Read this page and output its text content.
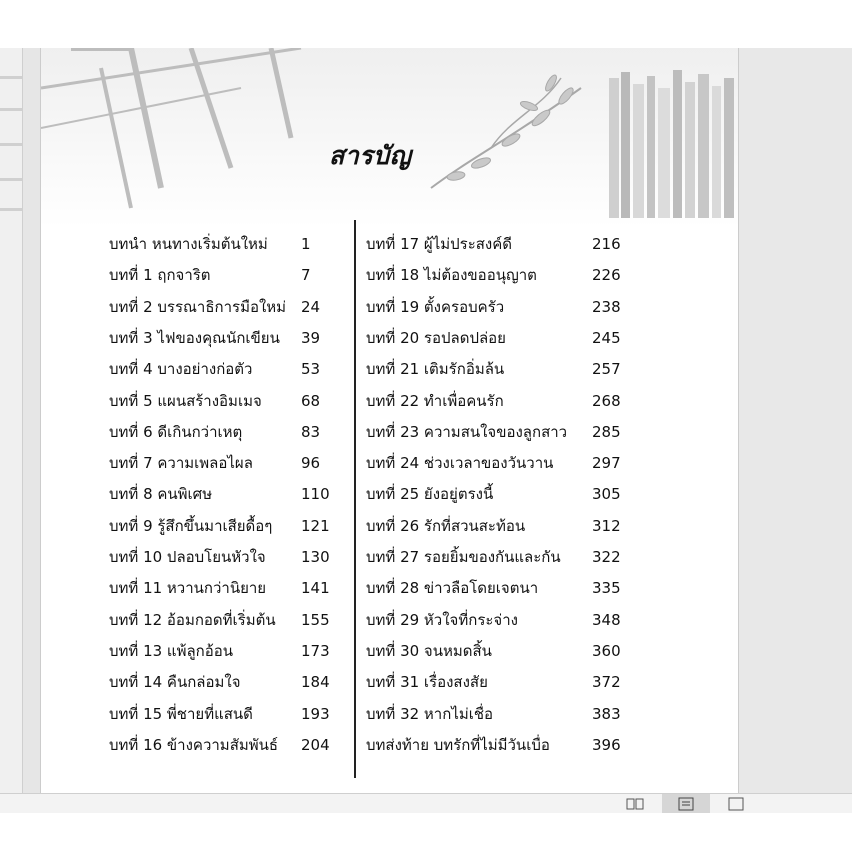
สารบัญ
บทนำ หนทางเริ่มต้นใหม่ 1
บทที่ 1 ฤกจาริต	7
บทที่ 2 บรรณาธิการมือใหม่ 24
บทที่ 3 ไฟของคุณนักเขียน 39
บทที่ 4 บางอย่างก่อตัว	53
บทที่ 5 แผนสร้างอิมเมจ	68
บทที่ 6 ดีเกินกว่าเหตุ	83
บทที่ 7 ความเพลอไผล	96
บทที่ 8 คนพิเศษ	110
บทที่ 9 รู้สึกขึ้นมาเสียดื้อๆ 121
บทที่ 10 ปลอบโยนหัวใจ 130
บทที่ 11 หวานกว่านิยาย 141
บทที่ 12 อ้อมกอดที่เริ่มต้น 155
บทที่ 13 แพ้ลูกอ้อน	173
บทที่ 14 คืนกล่อมใจ	184
บทที่ 15 พี่ชายที่แสนดี	193
บทที่ 16 ข้างความสัมพันธ์ 204
บทที่ 17 ผู้ไม่ประสงค์ดี	216
บทที่ 18 ไม่ต้องขออนุญาต	226
บทที่ 19 ตั้งครอบครัว	238
บทที่ 20 รอปลดปล่อย	245
บทที่ 21 เติมรักอิ่มล้น	257
บทที่ 22 ทำเพื่อคนรัก	268
บทที่ 23 ความสนใจของลูกสาว 285
บทที่ 24 ช่วงเวลาของวันวาน	297
บทที่ 25 ยังอยู่ตรงนี้	305
บทที่ 26 รักที่สวนสะท้อน	312
บทที่ 27 รอยยิ้มของกันและกัน 322
บทที่ 28 ข่าวลือโดยเจตนา	335
บทที่ 29 หัวใจที่กระจ่าง	348
บทที่ 30 จนหมดสิ้น	360
บทที่ 31 เรื่องสงสัย	372
บทที่ 32 หากไม่เชื่อ	383
บทส่งท้าย บทรักที่ไม่มีวันเบื่อ	396
